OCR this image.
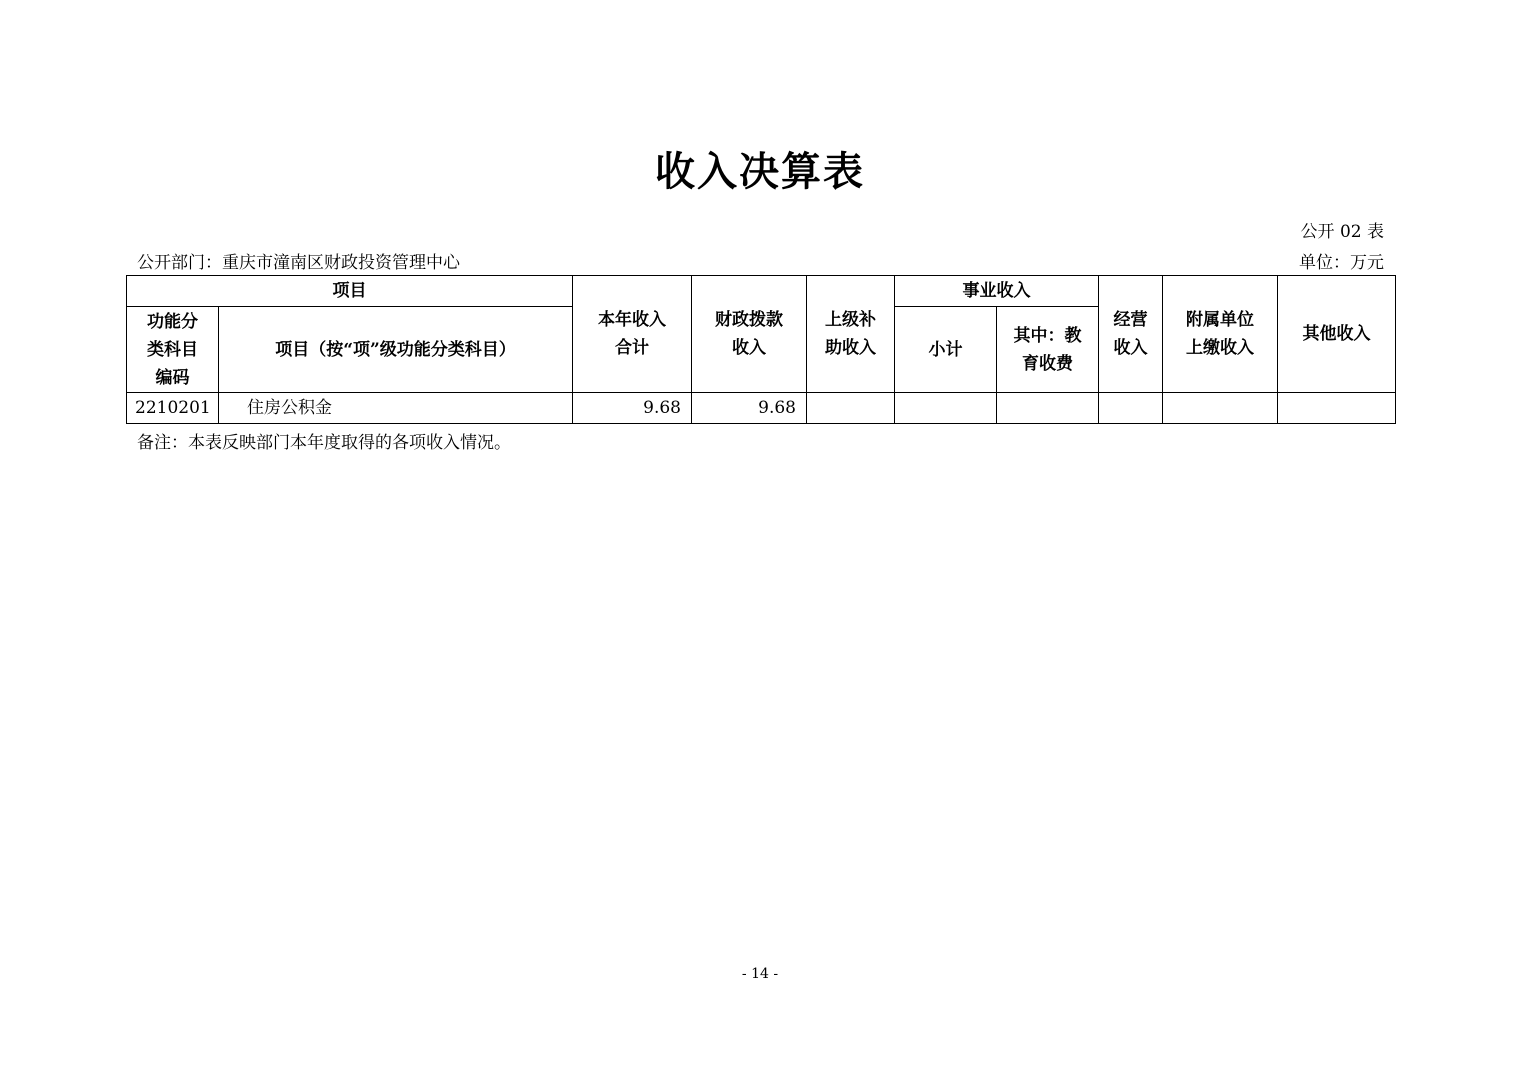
收入决算表
公开 02 表
公开部门：重庆市潼南区财政投资管理中心	单位：万元
项目		本年收入合计	财政拨款收入	上级补助收入	事业收入		经营收入	附属单位上缴收入	其他收入

功能分类科目编码	项目（按“项”级功能分类科目）				小计	其中：教育收费			

2210201	住房公积金	9.68	9.68						
备注：本表反映部门本年度取得的各项收入情况。
- 14 -
